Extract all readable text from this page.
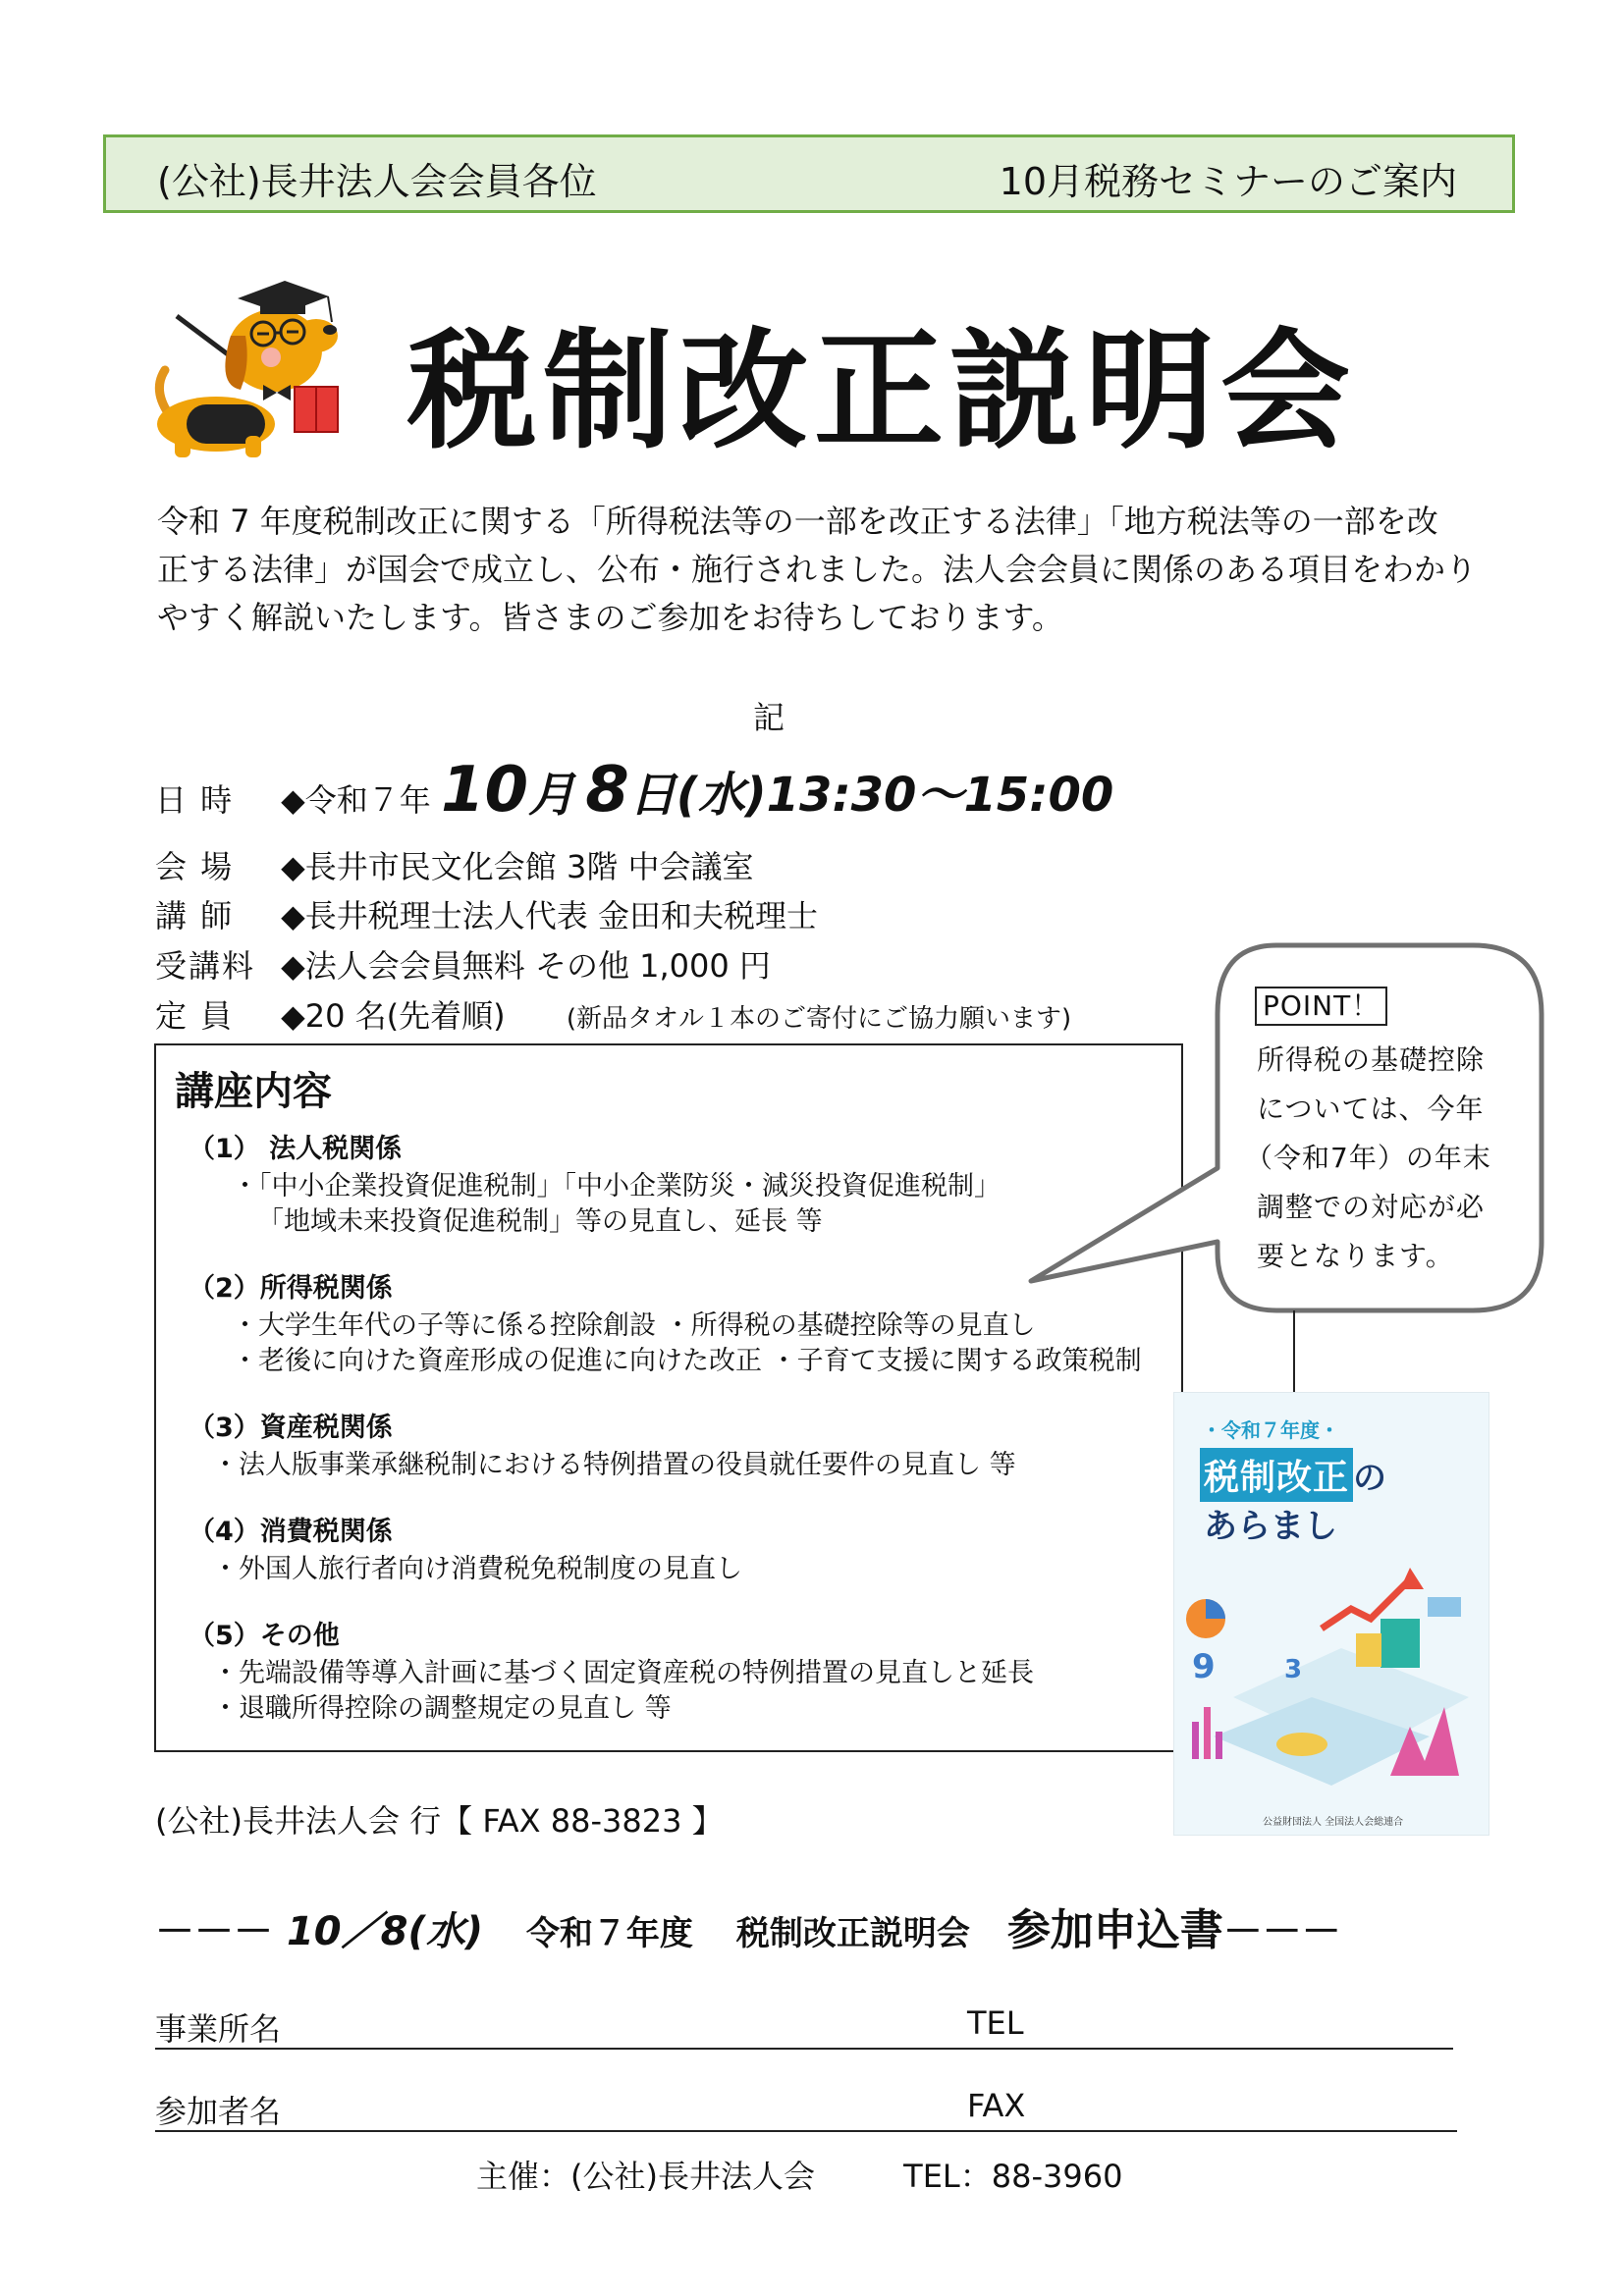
(公社)長井法人会会員各位	10月税務セミナーのご案内
税制改正説明会
令和 7 年度税制改正に関する「所得税法等の一部を改正する法律」「地方税法等の一部を改
正する法律」が国会で成立し、公布・施行されました。法人会会員に関係のある項目をわかり
やすく解説いたします。皆さまのご参加をお待ちしております。
記
日 時 ◆令和７年 10月 8日(水)13:30～15:00
会 場 ◆長井市民文化会館 3階 中会議室
講 師 ◆長井税理士法人代表 金田和夫税理士
受講料 ◆法人会会員無料 その他 1,000 円
定 員 ◆20 名(先着順) (新品タオル１本のご寄付にご協力願います)
講座内容
（1） 法人税関係
・「中小企業投資促進税制」「中小企業防災・減災投資促進税制」
「地域未来投資促進税制」等の見直し、延長 等
（2）所得税関係
・大学生年代の子等に係る控除創設 ・所得税の基礎控除等の見直し
・老後に向けた資産形成の促進に向けた改正 ・子育て支援に関する政策税制
（3）資産税関係
・法人版事業承継税制における特例措置の役員就任要件の見直し 等
（4）消費税関係
・外国人旅行者向け消費税免税制度の見直し
（5）その他
・先端設備等導入計画に基づく固定資産税の特例措置の見直しと延長
・退職所得控除の調整規定の見直し 等
POINT！
所得税の基礎控除
については、今年
（令和7年）の年末
調整での対応が必
要となります。
・令和７年度・
税制改正 の
あらまし
9	3
公益財団法人 全国法人会総連合
(公社)長井法人会 行【 FAX 88-3823 】
－－－ 10／8(水) 令和７年度 税制改正説明会 参加申込書－－－
事業所名	TEL
参加者名	FAX
主催：(公社)長井法人会	TEL：88-3960
